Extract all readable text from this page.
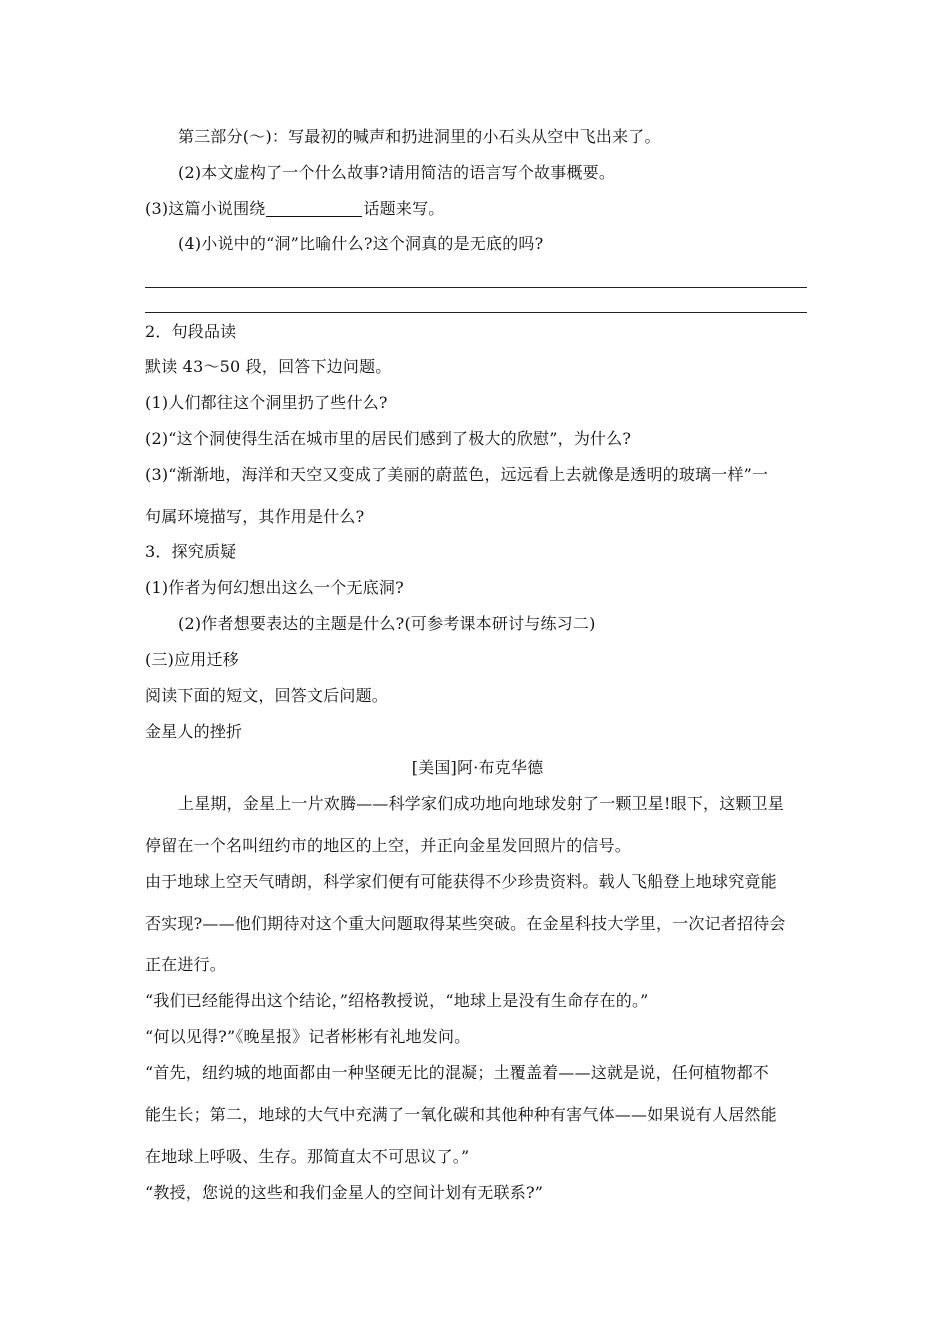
第三部分(〜)：写最初的喊声和扔进洞里的小石头从空中飞出来了。
(2)本文虚构了一个什么故事?请用简洁的语言写个故事概要。
(3)这篇小说围绕	话题来写。
(4)小说中的“洞”比喻什么?这个洞真的是无底的吗?
2．句段品读
默读 43〜50 段，回答下边问题。
(1)人们都往这个洞里扔了些什么?
(2)“这个洞使得生活在城市里的居民们感到了极大的欣慰”，为什么?
(3)“渐渐地，海洋和天空又变成了美丽的蔚蓝色，远远看上去就像是透明的玻璃一样”一
句属环境描写，其作用是什么?
3．探究质疑
(1)作者为何幻想出这么一个无底洞?
(2)作者想要表达的主题是什么?(可参考课本研讨与练习二)
(三)应用迁移
阅读下面的短文，回答文后问题。
金星人的挫折
[美国]阿·布克华德
上星期，金星上一片欢腾——科学家们成功地向地球发射了一颗卫星!眼下，这颗卫星
停留在一个名叫纽约市的地区的上空，并正向金星发回照片的信号。
由于地球上空天气晴朗，科学家们便有可能获得不少珍贵资料。载人飞船登上地球究竟能
否实现?——他们期待对这个重大问题取得某些突破。在金星科技大学里，一次记者招待会
正在进行。
“我们已经能得出这个结论，”绍格教授说，“地球上是没有生命存在的。”
“何以见得?”《晚星报》记者彬彬有礼地发问。
“首先，纽约城的地面都由一种坚硬无比的混凝；土覆盖着——这就是说，任何植物都不
能生长；第二，地球的大气中充满了一氧化碳和其他种种有害气体——如果说有人居然能
在地球上呼吸、生存。那简直太不可思议了。”
“教授，您说的这些和我们金星人的空间计划有无联系?”
